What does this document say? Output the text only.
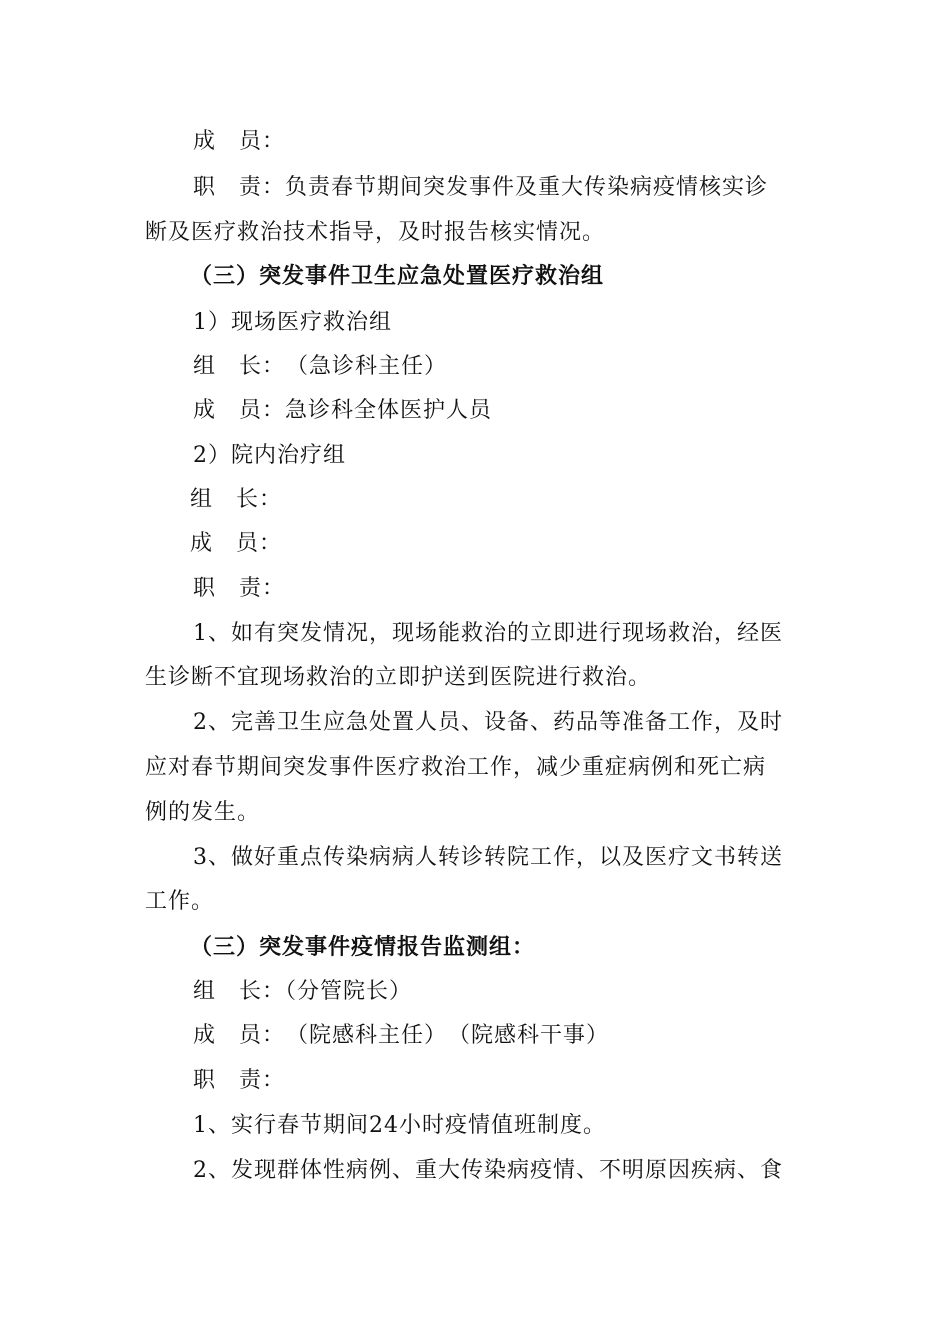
成　员：
职　责：负责春节期间突发事件及重大传染病疫情核实诊
断及医疗救治技术指导，及时报告核实情况。
（三）突发事件卫生应急处置医疗救治组
1）现场医疗救治组
组　长：　（急诊科主任）
成　员：急诊科全体医护人员
2）院内治疗组
组　长：
成　员：
职　责：
1、如有突发情况，现场能救治的立即进行现场救治，经医
生诊断不宜现场救治的立即护送到医院进行救治。
2、完善卫生应急处置人员、设备、药品等准备工作，及时
应对春节期间突发事件医疗救治工作，减少重症病例和死亡病
例的发生。
3、做好重点传染病病人转诊转院工作，以及医疗文书转送
工作。
（三）突发事件疫情报告监测组：
组　长：（分管院长）
成　员：　（院感科主任）　（院感科干事）
职　责：
1、实行春节期间24小时疫情值班制度。
2、发现群体性病例、重大传染病疫情、不明原因疾病、食
